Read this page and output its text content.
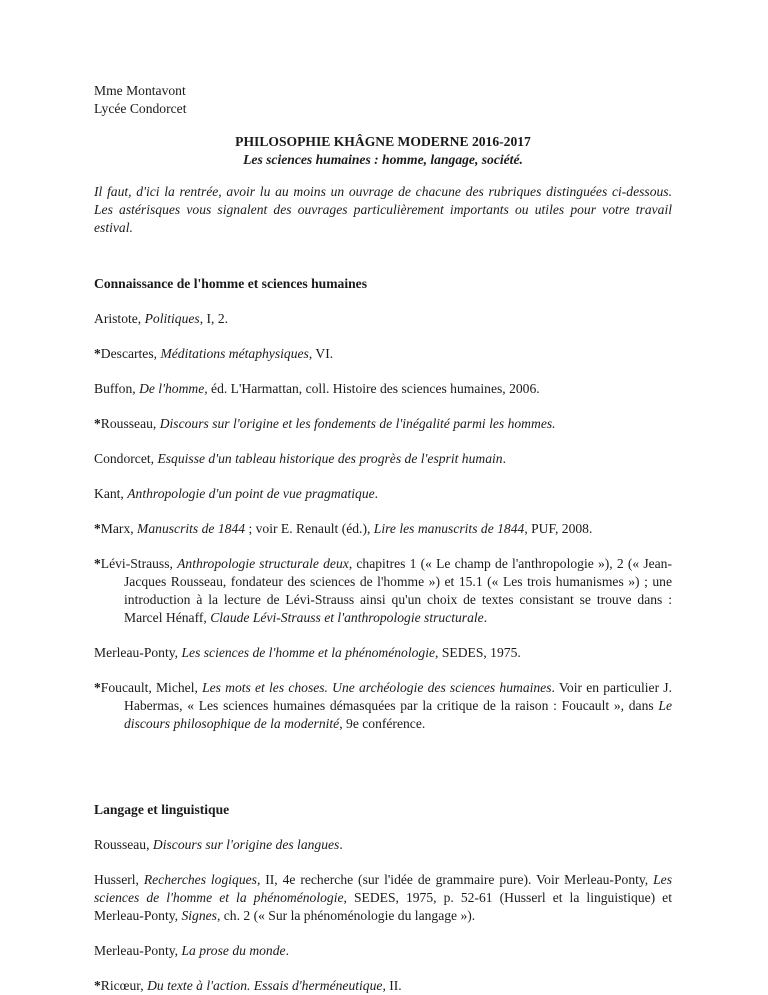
Mme Montavont

Lycée Condorcet

PHILOSOPHIE KHÂGNE MODERNE 2016-2017

Les sciences humaines : homme, langage, société.

Il faut, d'ici la rentrée, avoir lu au moins un ouvrage de chacune des rubriques distinguées ci-dessous. Les astérisques vous signalent des ouvrages particulièrement importants ou utiles pour votre travail estival.

Connaissance de l'homme et sciences humaines

Aristote, Politiques, I, 2.

*Descartes, Méditations métaphysiques, VI.

Buffon, De l'homme, éd. L'Harmattan, coll. Histoire des sciences humaines, 2006.

*Rousseau, Discours sur l'origine et les fondements de l'inégalité parmi les hommes.

Condorcet, Esquisse d'un tableau historique des progrès de l'esprit humain.

Kant, Anthropologie d'un point de vue pragmatique.

*Marx, Manuscrits de 1844 ; voir E. Renault (éd.), Lire les manuscrits de 1844, PUF, 2008.

*Lévi-Strauss, Anthropologie structurale deux, chapitres 1 (« Le champ de l'anthropologie »), 2 (« Jean-Jacques Rousseau, fondateur des sciences de l'homme ») et 15.1 (« Les trois humanismes ») ; une introduction à la lecture de Lévi-Strauss ainsi qu'un choix de textes consistant se trouve dans : Marcel Hénaff, Claude Lévi-Strauss et l'anthropologie structurale.

Merleau-Ponty, Les sciences de l'homme et la phénoménologie, SEDES, 1975.

*Foucault, Michel, Les mots et les choses. Une archéologie des sciences humaines. Voir en particulier J. Habermas, « Les sciences humaines démasquées par la critique de la raison : Foucault », dans Le discours philosophique de la modernité, 9e conférence.

Langage et linguistique

Rousseau, Discours sur l'origine des langues.

Husserl, Recherches logiques, II, 4e recherche (sur l'idée de grammaire pure). Voir Merleau-Ponty, Les sciences de l'homme et la phénoménologie, SEDES, 1975, p. 52-61 (Husserl et la linguistique) et Merleau-Ponty, Signes, ch. 2 (« Sur la phénoménologie du langage »).

Merleau-Ponty, La prose du monde.

*Ricœur, Du texte à l'action. Essais d'herméneutique, II.
